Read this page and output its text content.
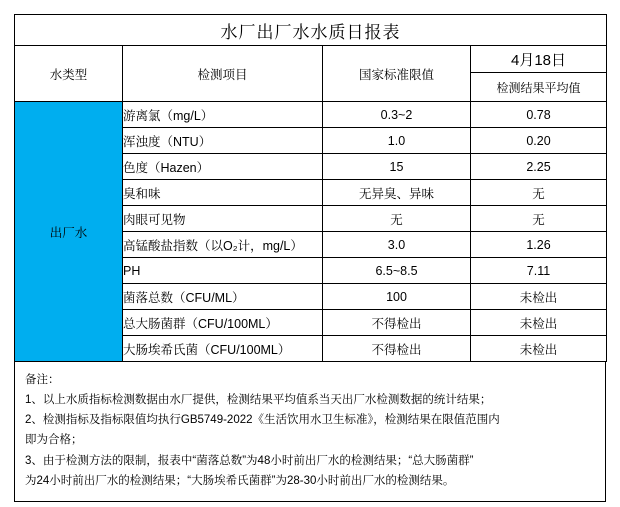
水厂出厂水水质日报表			
水类型	检测项目	国家标准限值	4月18日
			检测结果平均值
出厂水	游离氯（mg/L）	0.3~2	0.78
	浑浊度（NTU）	1.0	0.20
	色度（Hazen）	15	2.25
	臭和味	无异臭、异味	无
	肉眼可见物	无	无
	高锰酸盐指数（以O₂计，mg/L）	3.0	1.26
	PH	6.5~8.5	7.11
	菌落总数（CFU/ML）	100	未检出
	总大肠菌群（CFU/100ML）	不得检出	未检出
	大肠埃希氏菌（CFU/100ML）	不得检出	未检出
备注：
1、以上水质指标检测数据由水厂提供，检测结果平均值系当天出厂水检测数据的统计结果；
2、检测指标及指标限值均执行GB5749-2022《生活饮用水卫生标准》，检测结果在限值范围内
即为合格；
3、由于检测方法的限制，报表中“菌落总数”为48小时前出厂水的检测结果；“总大肠菌群”
为24小时前出厂水的检测结果；“大肠埃希氏菌群”为28-30小时前出厂水的检测结果。
